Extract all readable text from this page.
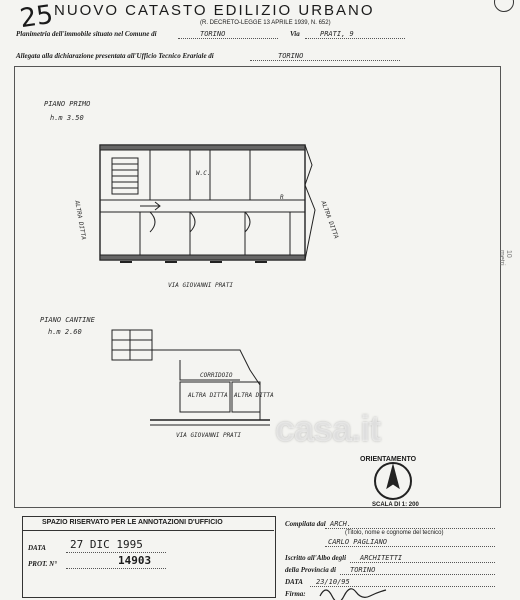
25
NUOVO CATASTO EDILIZIO URBANO
(R. DECRETO-LEGGE 13 APRILE 1939, N. 652)
Planimetria dell'immobile situato nel Comune di	TORINO	Via	PRATI, 9
Allegata alla dichiarazione presentata all'Ufficio Tecnico Erariale di	TORINO
PIANO PRIMO
h.m 3.50
W.C.
R
ALTRA DITTA	ALTRA DITTA
VIA GIOVANNI PRATI
PIANO CANTINE
h.m 2.60
CORRIDOIO
ALTRA DITTA ALTRA DITTA
VIA GIOVANNI PRATI casa.it
ORIENTAMENTO
SCALA DI 1: 200
10 metri
SPAZIO RISERVATO PER LE ANNOTAZIONI D'UFFICIO
DATA 27 DIC 1995
PROT. N°	14903
Compilata dal ARCH.
(Titolo, nome e cognome del tecnico)
CARLO PAGLIANO
Iscritto all'Albo degli ARCHITETTI
della Provincia di TORINO
DATA 23/10/95
Firma:
